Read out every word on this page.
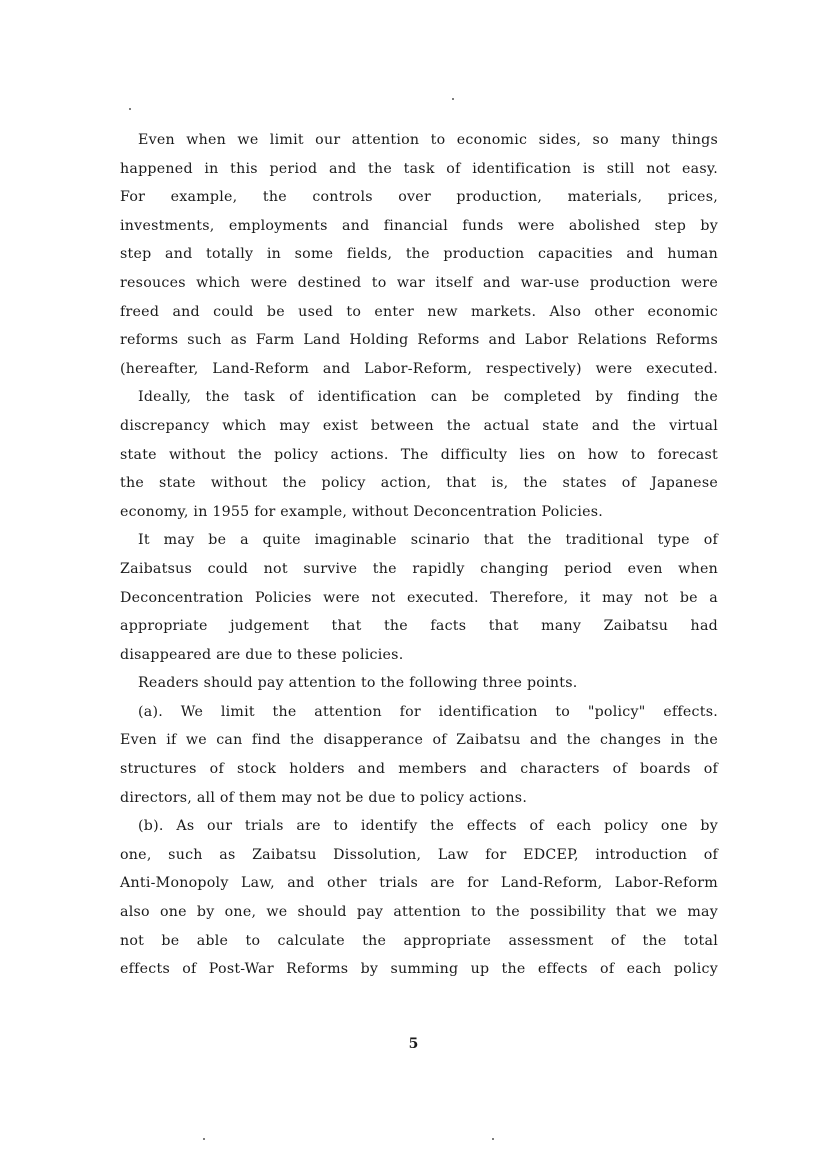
Even when we limit our attention to economic sides, so many things
happened in this period and the task of identification is still not easy.
For example, the controls over production, materials, prices,
investments, employments and financial funds were abolished step by
step and totally in some fields, the production capacities and human
resouces which were destined to war itself and war-use production were
freed and could be used to enter new markets. Also other economic
reforms such as Farm Land Holding Reforms and Labor Relations Reforms
(hereafter, Land-Reform and Labor-Reform, respectively) were executed.
Ideally, the task of identification can be completed by finding the
discrepancy which may exist between the actual state and the virtual
state without the policy actions. The difficulty lies on how to forecast
the state without the policy action, that is, the states of Japanese
economy, in 1955 for example, without Deconcentration Policies.
It may be a quite imaginable scinario that the traditional type of
Zaibatsus could not survive the rapidly changing period even when
Deconcentration Policies were not executed. Therefore, it may not be a
appropriate judgement that the facts that many Zaibatsu had
disappeared are due to these policies.
Readers should pay attention to the following three points.
(a). We limit the attention for identification to "policy" effects.
Even if we can find the disapperance of Zaibatsu and the changes in the
structures of stock holders and members and characters of boards of
directors, all of them may not be due to policy actions.
(b). As our trials are to identify the effects of each policy one by
one, such as Zaibatsu Dissolution, Law for EDCEP, introduction of
Anti-Monopoly Law, and other trials are for Land-Reform, Labor-Reform
also one by one, we should pay attention to the possibility that we may
not be able to calculate the appropriate assessment of the total
effects of Post-War Reforms by summing up the effects of each policy
5
